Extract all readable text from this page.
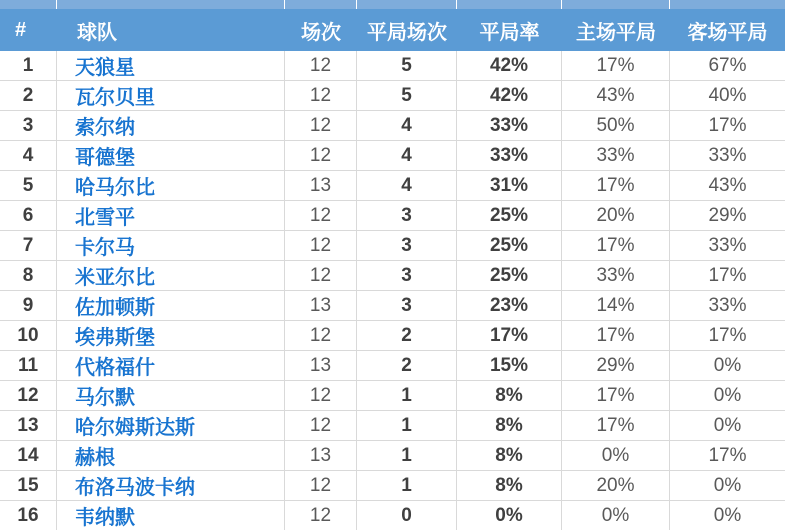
#	球队	场次	平局场次	平局率	主场平局	客场平局
1	天狼星	12	5	42%	17%	67%
2	瓦尔贝里	12	5	42%	43%	40%
3	索尔纳	12	4	33%	50%	17%
4	哥德堡	12	4	33%	33%	33%
5	哈马尔比	13	4	31%	17%	43%
6	北雪平	12	3	25%	20%	29%
7	卡尔马	12	3	25%	17%	33%
8	米亚尔比	12	3	25%	33%	17%
9	佐加顿斯	13	3	23%	14%	33%
10	埃弗斯堡	12	2	17%	17%	17%
11	代格福什	13	2	15%	29%	0%
12	马尔默	12	1	8%	17%	0%
13	哈尔姆斯达斯	12	1	8%	17%	0%
14	赫根	13	1	8%	0%	17%
15	布洛马波卡纳	12	1	8%	20%	0%
16	韦纳默	12	0	0%	0%	0%
